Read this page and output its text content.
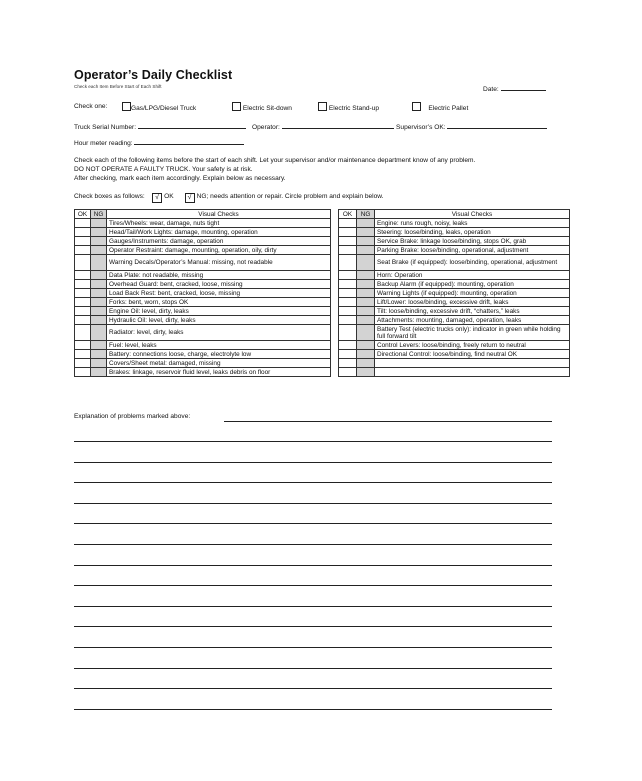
Operator’s Daily Checklist
Check each Item Before Start of Each Shift	Date:
Check one:	Gas/LPG/Diesel Truck	Electric Sit-down	Electric Stand-up	Electric Pallet
Truck Serial Number:	Operator:	Supervisor’s OK:
Hour meter reading:
Check each of the following items before the start of each shift. Let your supervisor and/or maintenance department know of any problem.
DO NOT OPERATE A FAULTY TRUCK. Your safety is at risk.
After checking, mark each item accordingly. Explain below as necessary.
Check boxes as follows: √ OK √ NG; needs attention or repair. Circle problem and explain below.
OK	NG	Visual Checks
		Tires/Wheels: wear, damage, nuts tight
		Head/Tail/Work Lights: damage, mounting, operation
		Gauges/Instruments: damage, operation
		Operator Restraint: damage, mounting, operation, oily, dirty
		Warning Decals/Operator’s Manual: missing, not readable
		Data Plate: not readable, missing
		Overhead Guard: bent, cracked, loose, missing
		Load Back Rest: bent, cracked, loose, missing
		Forks: bent, worn, stops OK
		Engine Oil: level, dirty, leaks
		Hydraulic Oil: level, dirty, leaks
		Radiator: level, dirty, leaks
		Fuel: level, leaks
		Battery: connections loose, charge, electrolyte low
		Covers/Sheet metal: damaged, missing
		Brakes: linkage, reservoir fluid level, leaks debris on floor
OK	NG	Visual Checks
		Engine: runs rough, noisy, leaks
		Steering: loose/binding, leaks, operation
		Service Brake: linkage loose/binding, stops OK, grab
		Parking Brake: loose/binding, operational, adjustment
		Seat Brake (if equipped): loose/binding, operational, adjustment
		Horn: Operation
		Backup Alarm (if equipped): mounting, operation
		Warning Lights (if equipped): mounting, operation
		Lift/Lower: loose/binding, excessive drift, leaks
		Tilt: loose/binding, excessive drift, “chatters,” leaks
		Attachments: mounting, damaged, operation, leaks
		Battery Test (electric trucks only): indicator in green while holding full forward tilt
		Control Levers: loose/binding, freely return to neutral
		Directional Control: loose/binding, find neutral OK

Explanation of problems marked above:
